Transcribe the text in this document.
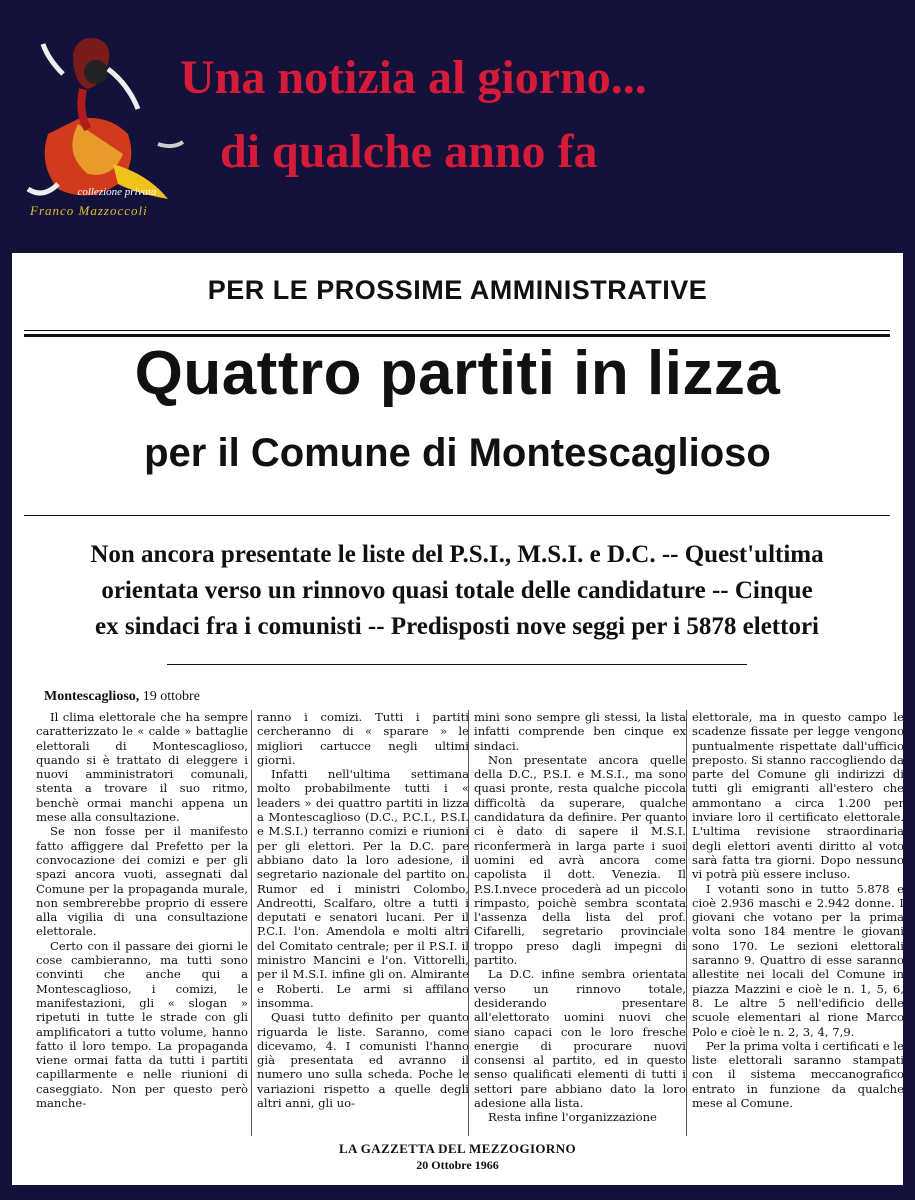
collezione privata
Franco Mazzoccoli
Una notizia al giorno...
di qualche anno fa
PER LE PROSSIME AMMINISTRATIVE
Quattro partiti in lizza
per il Comune di Montescaglioso
Non ancora presentate le liste del P.S.I., M.S.I. e D.C. -- Quest'ultima
orientata verso un rinnovo quasi totale delle candidature -- Cinque
ex sindaci fra i comunisti -- Predisposti nove seggi per i 5878 elettori
Montescaglioso, 19 ottobre

Il clima elettorale che ha sempre caratterizzato le « calde » battaglie elettorali di Montescaglioso, quando si è trattato di eleggere i nuovi amministratori comunali, stenta a trovare il suo ritmo, benchè ormai manchi appena un mese alla consultazione.

Se non fosse per il manifesto fatto affiggere dal Prefetto per la convocazione dei comizi e per gli spazi ancora vuoti, assegnati dal Comune per la propaganda murale, non sembrerebbe proprio di essere alla vigilia di una consultazione elettorale.

Certo con il passare dei giorni le cose cambieranno, ma tutti sono convinti che anche qui a Montescaglioso, i comizi, le manifestazioni, gli « slogan » ripetuti in tutte le strade con gli amplificatori a tutto volume, hanno fatto il loro tempo. La propaganda viene ormai fatta da tutti i partiti capillarmente e nelle riunioni di caseggiato. Non per questo però manche-

ranno i comizi. Tutti i partiti cercheranno di « sparare » le migliori cartucce negli ultimi giorni.

Infatti nell'ultima settimana molto probabilmente tutti i « leaders » dei quattro partiti in lizza a Montescaglioso (D.C., P.C.I., P.S.I. e M.S.I.) terranno comizi e riunioni per gli elettori. Per la D.C. pare abbiano dato la loro adesione, il segretario nazionale del partito on. Rumor ed i ministri Colombo, Andreotti, Scalfaro, oltre a tutti i deputati e senatori lucani. Per il P.C.I. l'on. Amendola e molti altri del Comitato centrale; per il P.S.I. il ministro Mancini e l'on. Vittorelli, per il M.S.I. infine gli on. Almirante e Roberti. Le armi si affilano insomma.

Quasi tutto definito per quanto riguarda le liste. Saranno, come dicevamo, 4. I comunisti l'hanno già presentata ed avranno il numero uno sulla scheda. Poche le variazioni rispetto a quelle degli altri anni, gli uo-

mini sono sempre gli stessi, la lista infatti comprende ben cinque ex sindaci.

Non presentate ancora quelle della D.C., P.S.I. e M.S.I., ma sono quasi pronte, resta qualche piccola difficoltà da superare, qualche candidatura da definire. Per quanto ci è dato di sapere il M.S.I. riconfermerà in larga parte i suoi uomini ed avrà ancora come capolista il dott. Venezia. Il P.S.I.nvece procederà ad un piccolo rimpasto, poichè sembra scontata l'assenza della lista del prof. Cifarelli, segretario provinciale troppo preso dagli impegni di partito.

La D.C. infine sembra orientata verso un rinnovo totale, desiderando presentare all'elettorato uomini nuovi che siano capaci con le loro fresche energie di procurare nuovi consensi al partito, ed in questo senso qualificati elementi di tutti i settori pare abbiano dato la loro adesione alla lista.

Resta infine l'organizzazione

elettorale, ma in questo campo le scadenze fissate per legge vengono puntualmente rispettate dall'ufficio preposto. Si stanno raccogliendo da parte del Comune gli indirizzi di tutti gli emigranti all'estero che ammontano a circa 1.200 per inviare loro il certificato elettorale. L'ultima revisione straordinaria degli elettori aventi diritto al voto sarà fatta tra giorni. Dopo nessuno vi potrà più essere incluso.

I votanti sono in tutto 5.878 e cioè 2.936 maschi e 2.942 donne. I giovani che votano per la prima volta sono 184 mentre le giovani sono 170. Le sezioni elettorali saranno 9. Quattro di esse saranno allestite nei locali del Comune in piazza Mazzini e cioè le n. 1, 5, 6, 8. Le altre 5 nell'edificio delle scuole elementari al rione Marco Polo e cioè le n. 2, 3, 4, 7,9.

Per la prima volta i certificati e le liste elettorali saranno stampati con il sistema meccanografico entrato in funzione da qualche mese al Comune.

LA GAZZETTA DEL MEZZOGIORNO
20 Ottobre 1966
